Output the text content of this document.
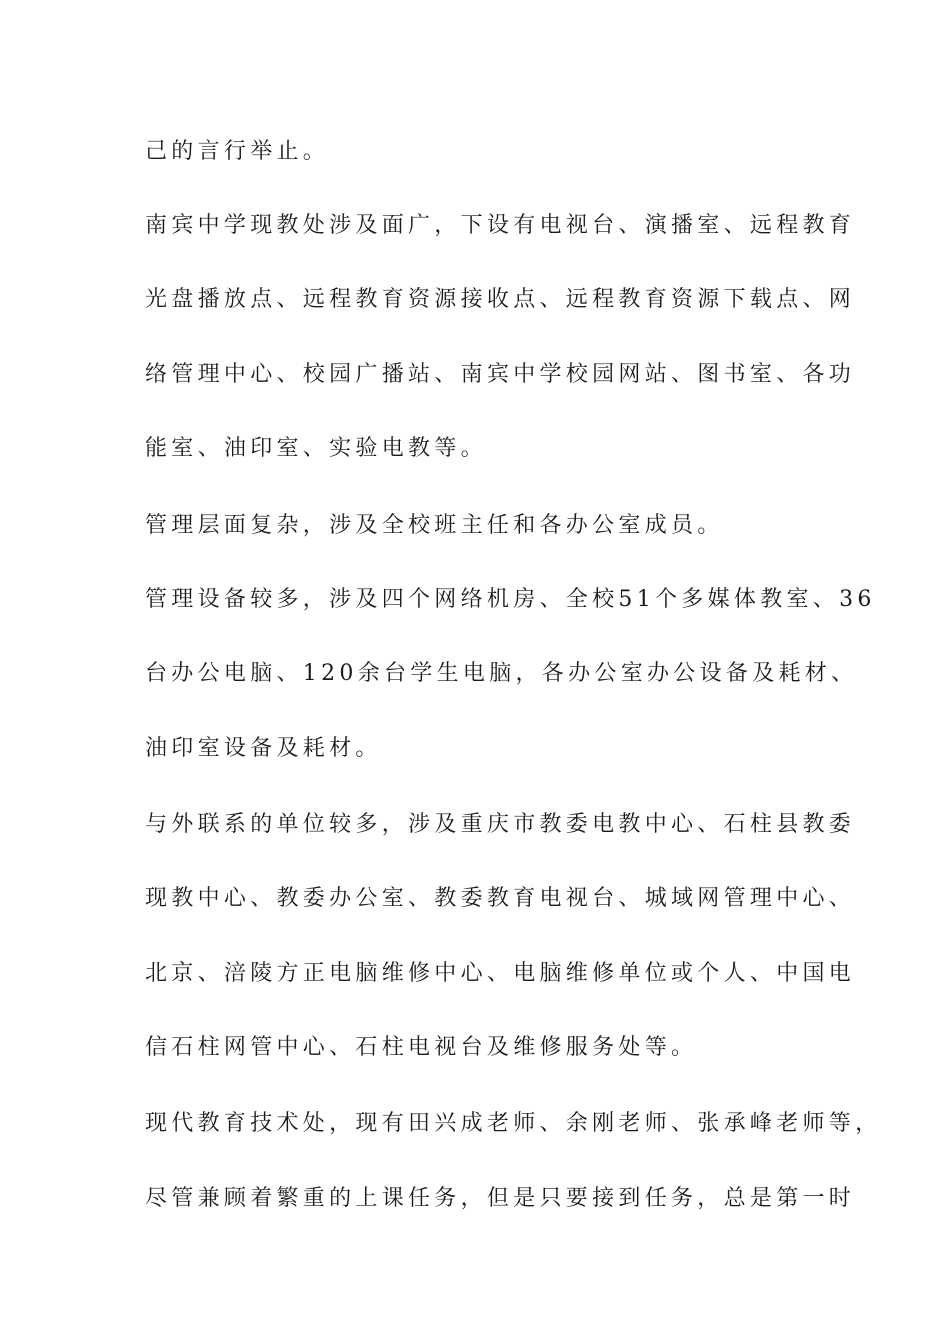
己的言行举止。

南宾中学现教处涉及面广，下设有电视台、演播室、远程教育

光盘播放点、远程教育资源接收点、远程教育资源下载点、网

络管理中心、校园广播站、南宾中学校园网站、图书室、各功

能室、油印室、实验电教等。

管理层面复杂，涉及全校班主任和各办公室成员。

管理设备较多，涉及四个网络机房、全校51个多媒体教室、36

台办公电脑、120余台学生电脑，各办公室办公设备及耗材、

油印室设备及耗材。

与外联系的单位较多，涉及重庆市教委电教中心、石柱县教委

现教中心、教委办公室、教委教育电视台、城域网管理中心、

北京、涪陵方正电脑维修中心、电脑维修单位或个人、中国电

信石柱网管中心、石柱电视台及维修服务处等。

现代教育技术处，现有田兴成老师、余刚老师、张承峰老师等，

尽管兼顾着繁重的上课任务，但是只要接到任务，总是第一时
